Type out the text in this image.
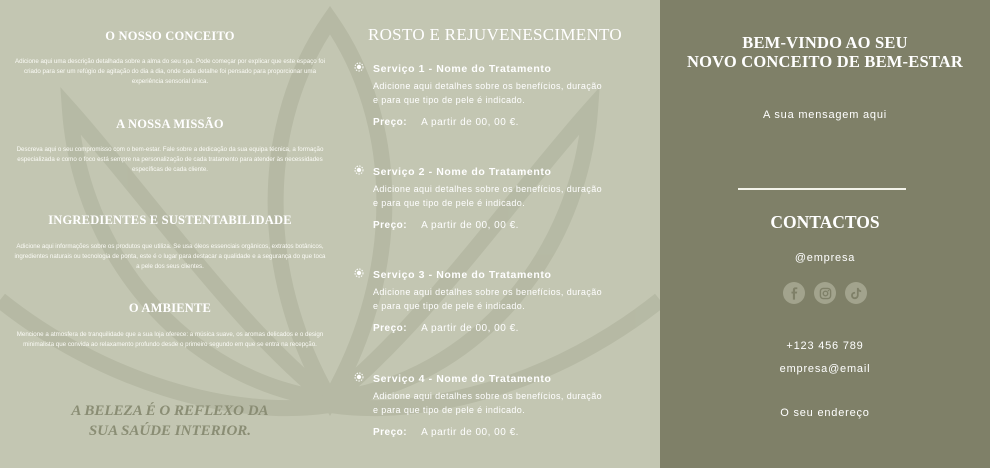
O NOSSO CONCEITO

Adicione aqui uma descrição detalhada sobre a alma do seu spa. Pode começar por explicar que este espaço foi criado para ser um refúgio de agitação do dia a dia, onde cada detalhe foi pensado para proporcionar uma experiência sensorial única.

A NOSSA MISSÃO

Descreva aqui o seu compromisso com o bem-estar. Fale sobre a dedicação da sua equipa técnica, a formação especializada e como o foco está sempre na personalização de cada tratamento para atender às necessidades específicas de cada cliente.

INGREDIENTES E SUSTENTABILIDADE

Adicione aqui informações sobre os produtos que utiliza. Se usa óleos essenciais orgânicos, extratos botânicos, ingredientes naturais ou tecnologia de ponta, este é o lugar para destacar a qualidade e a segurança do que toca a pele dos seus clientes.

O AMBIENTE

Mencione a atmosfera de tranquilidade que a sua loja oferece: a música suave, os aromas delicados e o design minimalista que convida ao relaxamento profundo desde o primeiro segundo em que se entra na recepção.

A BELEZA É O REFLEXO DA
SUA SAÚDE INTERIOR.
ROSTO E REJUVENESCIMENTO
Serviço 1 - Nome do Tratamento
Adicione aqui detalhes sobre os benefícios, duração
e para que tipo de pele é indicado.
Preço: A partir de 00, 00 €.
Serviço 2 - Nome do Tratamento
Adicione aqui detalhes sobre os benefícios, duração
e para que tipo de pele é indicado.
Preço: A partir de 00, 00 €.
Serviço 3 - Nome do Tratamento
Adicione aqui detalhes sobre os benefícios, duração
e para que tipo de pele é indicado.
Preço: A partir de 00, 00 €.
Serviço 4 - Nome do Tratamento
Adicione aqui detalhes sobre os benefícios, duração
e para que tipo de pele é indicado.
Preço: A partir de 00, 00 €.
BEM-VINDO AO SEU
NOVO CONCEITO DE BEM-ESTAR
A sua mensagem aqui
CONTACTOS
@empresa
+123 456 789
empresa@email
O seu endereço
